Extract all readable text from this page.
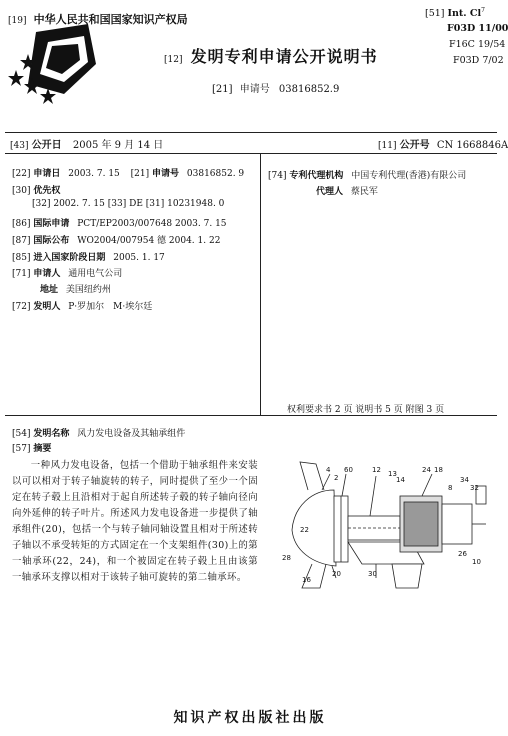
[19] 中华人民共和国国家知识产权局
[12] 发明专利申请公开说明书
[21] 申请号 03816852.9
[51] Int. Cl$^7$
F03D 11/00
F16C 19/54
F03D 7/02
[43] 公开日 2005 年 9 月 14 日	[11] 公开号 CN 1668846A
[22] 申请日 2003. 7. 15 [21] 申请号 03816852. 9
[30] 优先权
[32] 2002. 7. 15 [33] DE [31] 10231948. 0
[86] 国际申请 PCT/EP2003/007648 2003. 7. 15
[87] 国际公布 WO2004/007954 德 2004. 1. 22
[85] 进入国家阶段日期 2005. 1. 17
[71] 申请人 通用电气公司
地址 美国纽约州
[72] 发明人 P·罗加尔　M·埃尔廷
[74] 专利代理机构 中国专利代理(香港)有限公司
代理人 蔡民军
权利要求书 2 页 说明书 5 页 附图 3 页
[54] 发明名称 风力发电设备及其轴承组件
[57] 摘要

一种风力发电设备，包括一个借助于轴承组件来安装以可以相对于转子轴旋转的转子，同时提供了至少一个固定在转子毂上且沿相对于起自所述转子毂的转子轴向径向向外延伸的转子叶片。所述风力发电设备进一步提供了轴承组件(20)，包括一个与转子轴同轴设置且相对于所述转子轴以不承受转矩的方式固定在一个支架组件(30)上的第一轴承环(22，24)，和一个被固定在转子毂上且由该第一轴承环支撑以相对于该转子轴可旋转的第二轴承环。

4
2
60	12 13
14
24 18
8
34
32
30
20
22
28	26
10
16
知识产权出版社出版
